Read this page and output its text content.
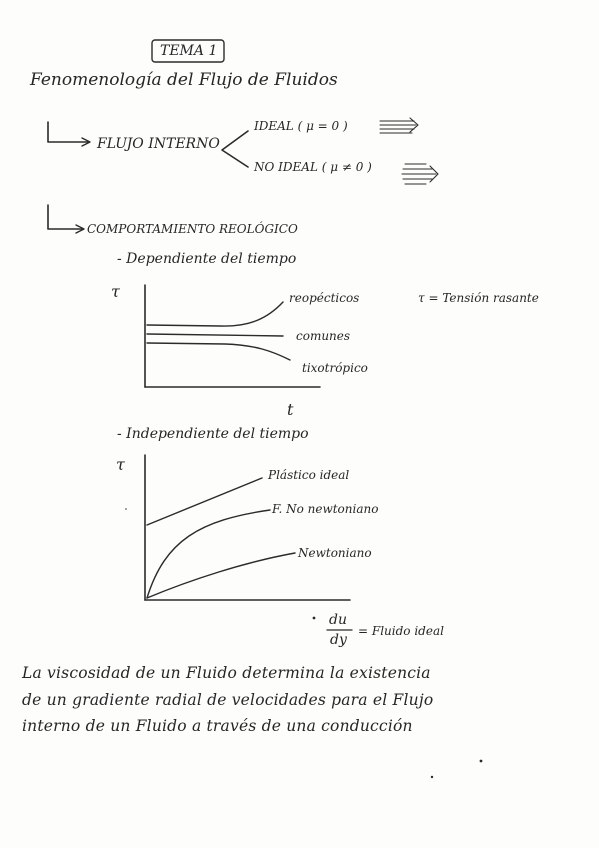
TEMA 1
Fenomenología del Flujo de Fluidos
FLUJO INTERNO
IDEAL ( μ = 0 )
NO IDEAL ( μ ≠ 0 )
COMPORTAMIENTO REOLÓGICO
- Dependiente del tiempo
τ
t
reopécticos
comunes
tixotrópico
τ = Tensión rasante
- Independiente del tiempo
τ
Plástico ideal
F. No newtoniano
Newtoniano
du
dy
= Fluido ideal
La viscosidad de un Fluido determina la existencia
de un gradiente radial de velocidades para el Flujo
interno de un Fluido a través de una conducción
